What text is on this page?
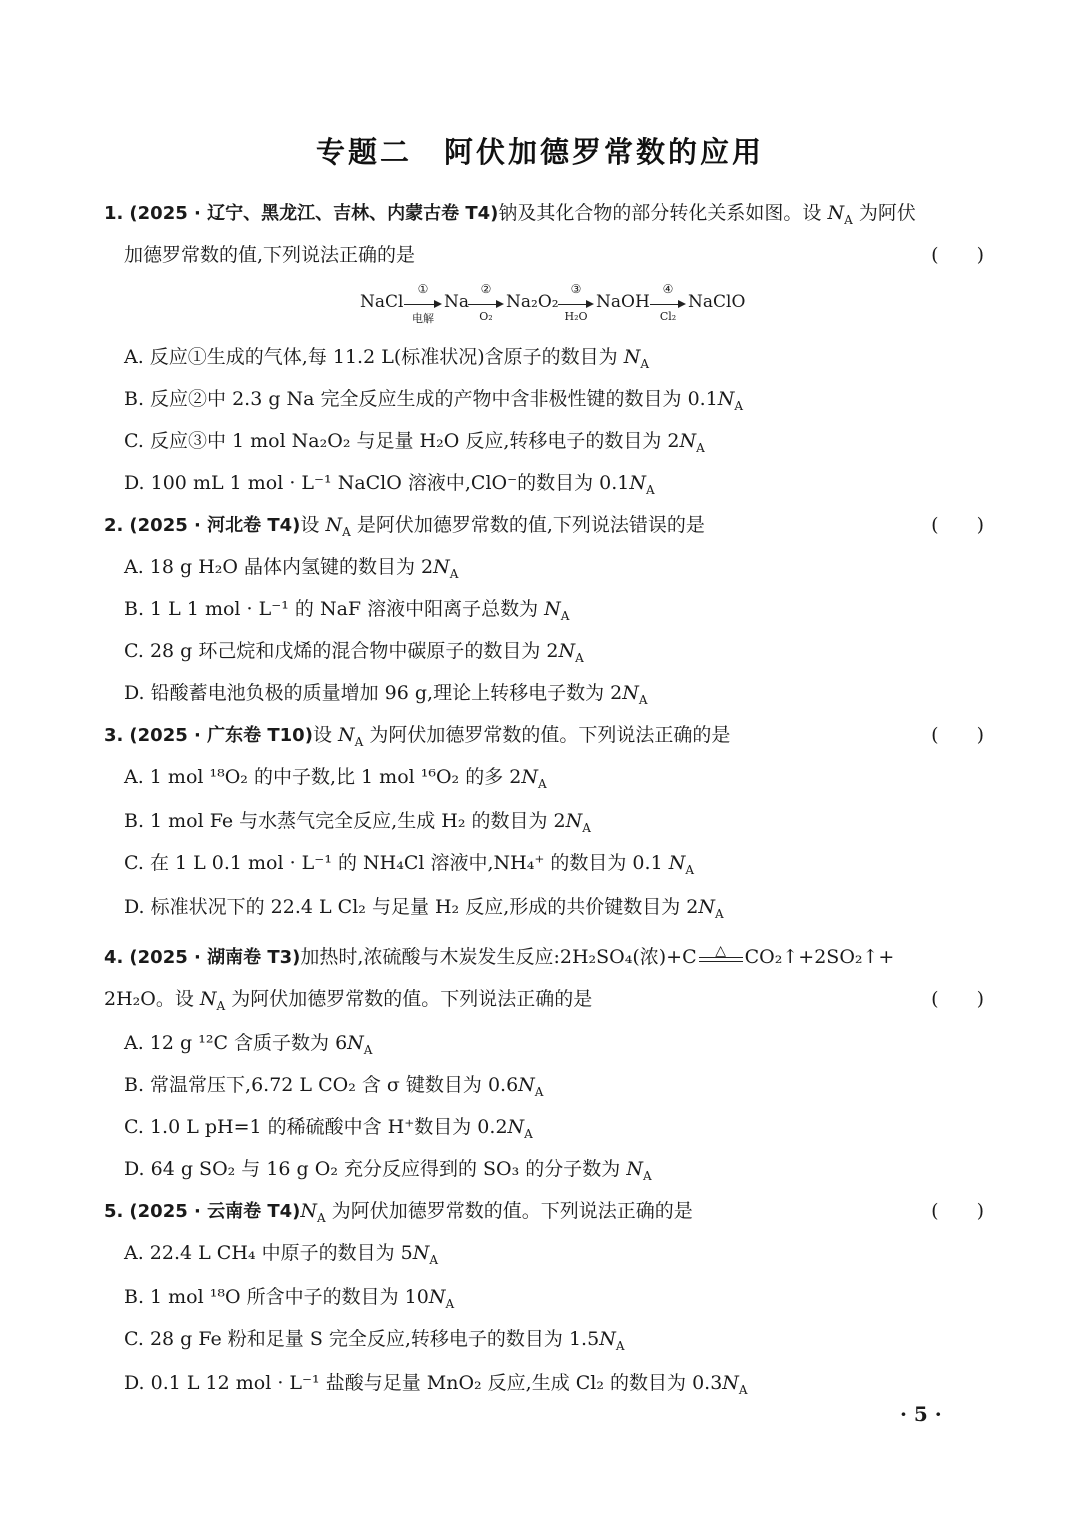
专题二　阿伏加德罗常数的应用
1. (2025 · 辽宁、黑龙江、吉林、内蒙古卷 T4)钠及其化合物的部分转化关系如图。设 $N_A$ 为阿伏
加德罗常数的值,下列说法正确的是	(　　)
NaCl
①
电解
Na
②
O₂
Na₂O₂
③
H₂O
NaOH
④
Cl₂
NaClO
A. 反应①生成的气体,每 11.2 L(标准状况)含原子的数目为 $N_A$
B. 反应②中 2.3 g Na 完全反应生成的产物中含非极性键的数目为 $0.1N_A$
C. 反应③中 1 mol Na₂O₂ 与足量 H₂O 反应,转移电子的数目为 $2N_A$
D. 100 mL 1 mol · L⁻¹ NaClO 溶液中,ClO⁻的数目为 $0.1N_A$
2. (2025 · 河北卷 T4)设 $N_A$ 是阿伏加德罗常数的值,下列说法错误的是	(　　)
A. 18 g H₂O 晶体内氢键的数目为 $2N_A$
B. 1 L 1 mol · L⁻¹ 的 NaF 溶液中阳离子总数为 $N_A$
C. 28 g 环己烷和戊烯的混合物中碳原子的数目为 $2N_A$
D. 铅酸蓄电池负极的质量增加 96 g,理论上转移电子数为 $2N_A$
3. (2025 · 广东卷 T10)设 $N_A$ 为阿伏加德罗常数的值。下列说法正确的是	(　　)
A. 1 mol ¹⁸O₂ 的中子数,比 1 mol ¹⁶O₂ 的多 $2N_A$
B. 1 mol Fe 与水蒸气完全反应,生成 H₂ 的数目为 $2N_A$
C. 在 1 L 0.1 mol · L⁻¹ 的 NH₄Cl 溶液中,NH₄⁺ 的数目为 0.1 $N_A$
D. 标准状况下的 22.4 L Cl₂ 与足量 H₂ 反应,形成的共价键数目为 $2N_A$
4. (2025 · 湖南卷 T3)加热时,浓硫酸与木炭发生反应:2H₂SO₄(浓)+C	△ CO₂↑+2SO₂↑+
2H₂O。设 $N_A$ 为阿伏加德罗常数的值。下列说法正确的是	(　　)
A. 12 g ¹²C 含质子数为 $6N_A$
B. 常温常压下,6.72 L CO₂ 含 σ 键数目为 $0.6N_A$
C. 1.0 L pH=1 的稀硫酸中含 H⁺数目为 $0.2N_A$
D. 64 g SO₂ 与 16 g O₂ 充分反应得到的 SO₃ 的分子数为 $N_A$
5. (2025 · 云南卷 $T4)N_A$ 为阿伏加德罗常数的值。下列说法正确的是	(　　)
A. 22.4 L CH₄ 中原子的数目为 $5N_A$
B. 1 mol ¹⁸O 所含中子的数目为 $10N_A$
C. 28 g Fe 粉和足量 S 完全反应,转移电子的数目为 $1.5N_A$
D. 0.1 L 12 mol · L⁻¹ 盐酸与足量 MnO₂ 反应,生成 Cl₂ 的数目为 $0.3N_A$
· 5 ·
